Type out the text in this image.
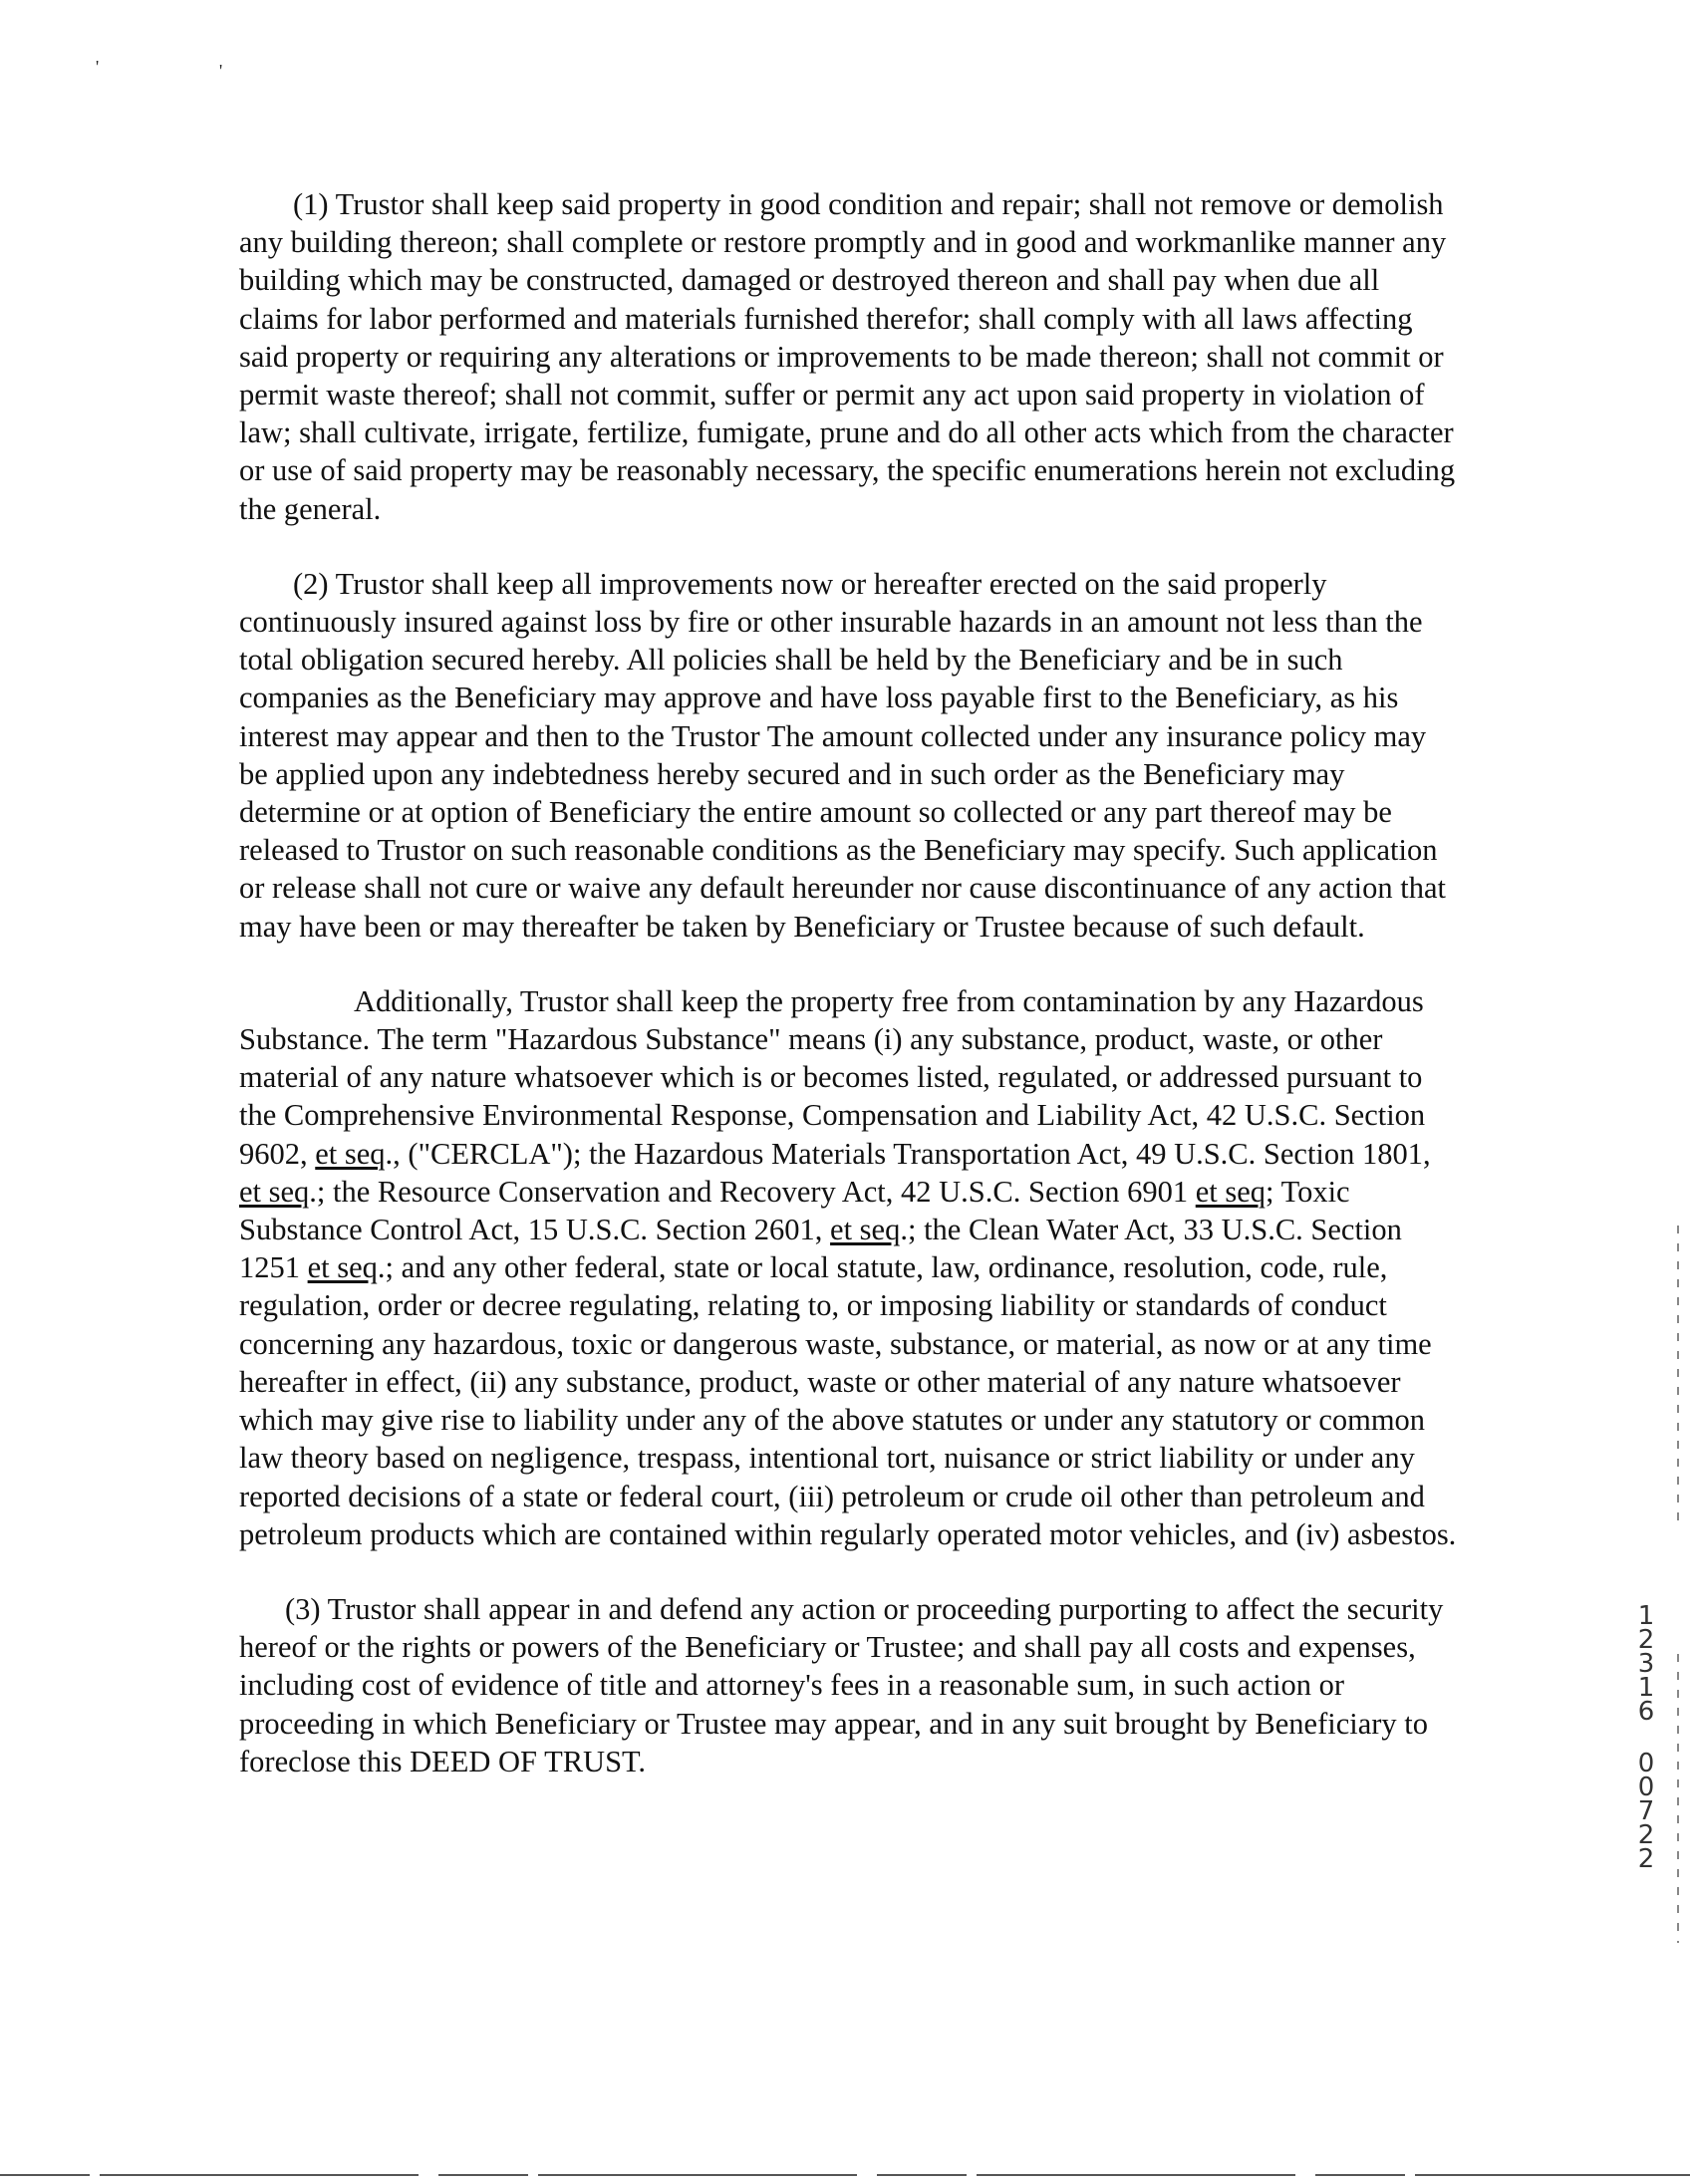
'	'

(1) Trustor shall keep said property in good condition and repair; shall not remove or demolish any building thereon; shall complete or restore promptly and in good and workmanlike manner any building which may be constructed, damaged or destroyed thereon and shall pay when due all claims for labor performed and materials furnished therefor; shall comply with all laws affecting said property or requiring any alterations or improvements to be made thereon; shall not commit or permit waste thereof; shall not commit, suffer or permit any act upon said property in violation of law; shall cultivate, irrigate, fertilize, fumigate, prune and do all other acts which from the character or use of said property may be reasonably necessary, the specific enumerations herein not excluding the general.

(2) Trustor shall keep all improvements now or hereafter erected on the said properly continuously insured against loss by fire or other insurable hazards in an amount not less than the total obligation secured hereby. All policies shall be held by the Beneficiary and be in such companies as the Beneficiary may approve and have loss payable first to the Beneficiary, as his interest may appear and then to the Trustor The amount collected under any insurance policy may be applied upon any indebtedness hereby secured and in such order as the Beneficiary may determine or at option of Beneficiary the entire amount so collected or any part thereof may be released to Trustor on such reasonable conditions as the Beneficiary may specify. Such application or release shall not cure or waive any default hereunder nor cause discontinuance of any action that may have been or may thereafter be taken by Beneficiary or Trustee because of such default.

Additionally, Trustor shall keep the property free from contamination by any Hazardous Substance. The term "Hazardous Substance" means (i) any substance, product, waste, or other material of any nature whatsoever which is or becomes listed, regulated, or addressed pursuant to the Comprehensive Environmental Response, Compensation and Liability Act, 42 U.S.C. Section 9602, et seq., ("CERCLA"); the Hazardous Materials Transportation Act, 49 U.S.C. Section 1801, et seq.; the Resource Conservation and Recovery Act, 42 U.S.C. Section 6901 et seq; Toxic Substance Control Act, 15 U.S.C. Section 2601, et seq.; the Clean Water Act, 33 U.S.C. Section 1251 et seq.; and any other federal, state or local statute, law, ordinance, resolution, code, rule, regulation, order or decree regulating, relating to, or imposing liability or standards of conduct concerning any hazardous, toxic or dangerous waste, substance, or material, as now or at any time hereafter in effect, (ii) any substance, product, waste or other material of any nature whatsoever which may give rise to liability under any of the above statutes or under any statutory or common law theory based on negligence, trespass, intentional tort, nuisance or strict liability or under any reported decisions of a state or federal court, (iii) petroleum or crude oil other than petroleum and petroleum products which are contained within regularly operated motor vehicles, and (iv) asbestos.

(3) Trustor shall appear in and defend any action or proceeding purporting to affect the security hereof or the rights or powers of the Beneficiary or Trustee; and shall pay all costs and expenses, including cost of evidence of title and attorney's fees in a reasonable sum, in such action or proceeding in which Beneficiary or Trustee may appear, and in any suit brought by Beneficiary to foreclose this DEED OF TRUST.

1
2
3
1
6
0
0
7
2
2
